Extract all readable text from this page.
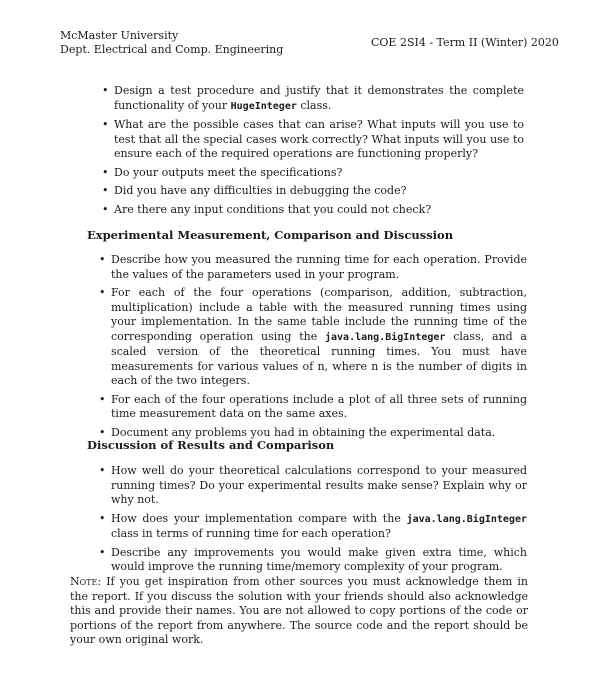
McMaster University
Dept. Electrical and Comp. Engineering
COE 2SI4 - Term II (Winter) 2020
• Design a test procedure and justify that it demonstrates the complete functionality of your HugeInteger class.
• What are the possible cases that can arise? What inputs will you use to test that all the special cases work correctly? What inputs will you use to ensure each of the required operations are functioning properly?
• Do your outputs meet the specifications?
• Did you have any difficulties in debugging the code?
• Are there any input conditions that you could not check?
Experimental Measurement, Comparison and Discussion
• Describe how you measured the running time for each operation. Provide the values of the parameters used in your program.
• For each of the four operations (comparison, addition, subtraction, multiplication) include a table with the measured running times using your implementation. In the same table include the running time of the corresponding operation using the java.lang.BigInteger class, and a scaled version of the theoretical running times. You must have measurements for various values of n, where n is the number of digits in each of the two integers.
• For each of the four operations include a plot of all three sets of running time measurement data on the same axes.
• Document any problems you had in obtaining the experimental data.
Discussion of Results and Comparison
• How well do your theoretical calculations correspond to your measured running times? Do your experimental results make sense? Explain why or why not.
• How does your implementation compare with the java.lang.BigInteger class in terms of running time for each operation?
• Describe any improvements you would make given extra time, which would improve the running time/memory complexity of your program.
Note: If you get inspiration from other sources you must acknowledge them in the report. If you discuss the solution with your friends should also acknowledge this and provide their names. You are not allowed to copy portions of the code or portions of the report from anywhere. The source code and the report should be your own original work.
